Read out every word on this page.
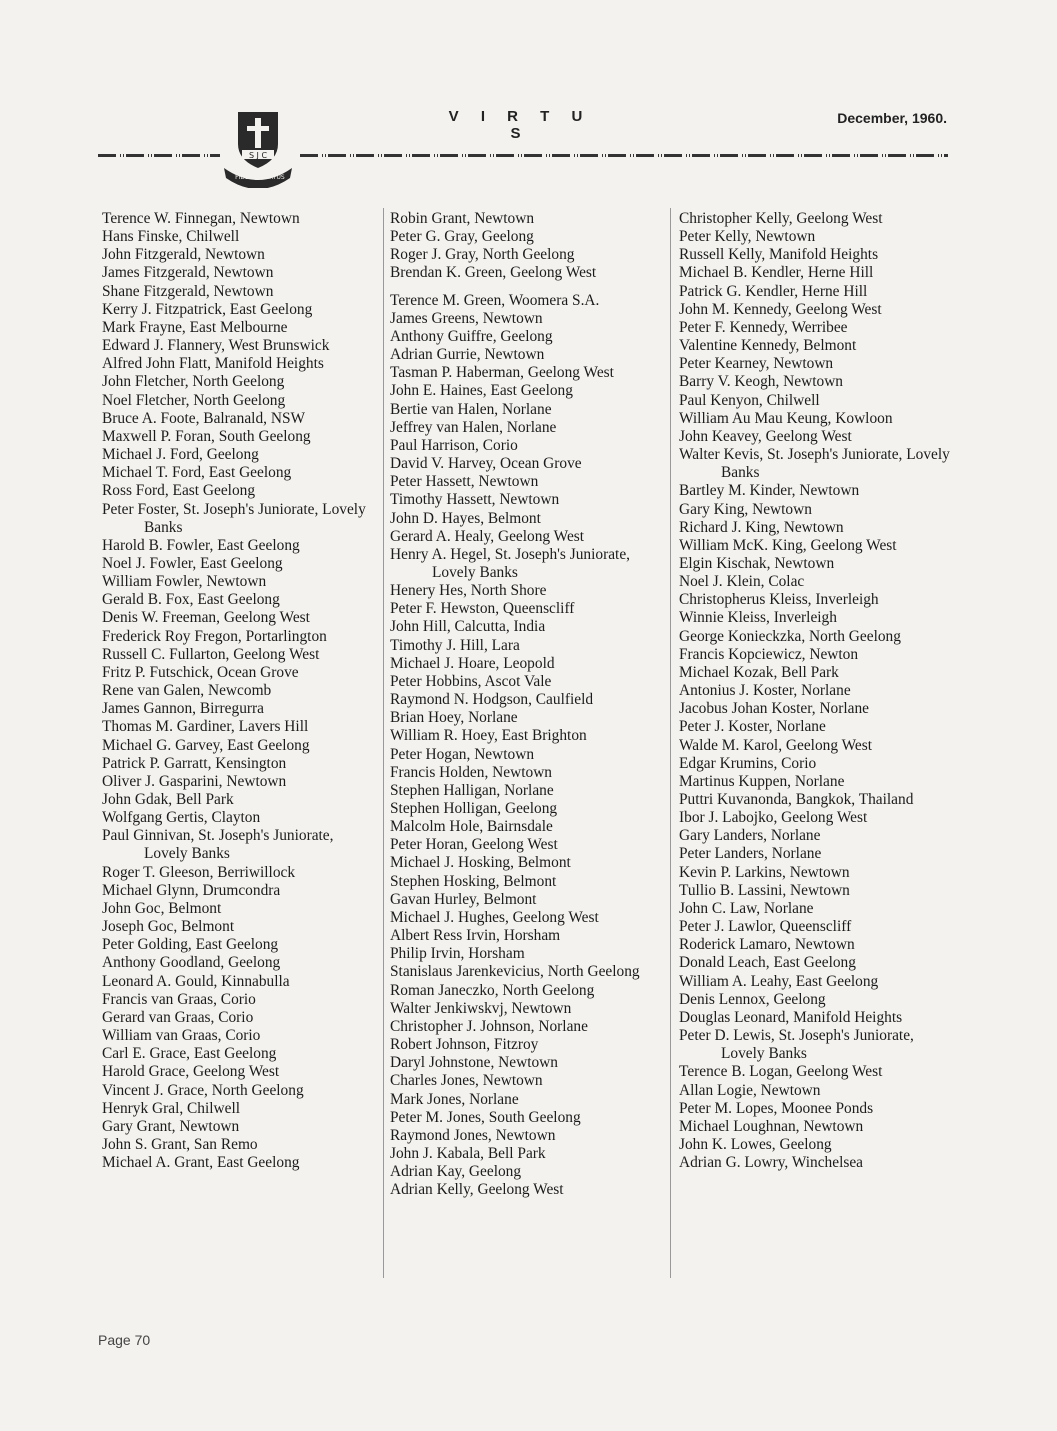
S J C
FIDE VIRTUS
V I R T U S
December, 1960.
Terence W. Finnegan, Newtown
Hans Finske, Chilwell
John Fitzgerald, Newtown
James Fitzgerald, Newtown
Shane Fitzgerald, Newtown
Kerry J. Fitzpatrick, East Geelong
Mark Frayne, East Melbourne
Edward J. Flannery, West Brunswick
Alfred John Flatt, Manifold Heights
John Fletcher, North Geelong
Noel Fletcher, North Geelong
Bruce A. Foote, Balranald, NSW
Maxwell P. Foran, South Geelong
Michael J. Ford, Geelong
Michael T. Ford, East Geelong
Ross Ford, East Geelong
Peter Foster, St. Joseph's Juniorate, Lovely Banks
Harold B. Fowler, East Geelong
Noel J. Fowler, East Geelong
William Fowler, Newtown
Gerald B. Fox, East Geelong
Denis W. Freeman, Geelong West
Frederick Roy Fregon, Portarlington
Russell C. Fullarton, Geelong West
Fritz P. Futschick, Ocean Grove
Rene van Galen, Newcomb
James Gannon, Birregurra
Thomas M. Gardiner, Lavers Hill
Michael G. Garvey, East Geelong
Patrick P. Garratt, Kensington
Oliver J. Gasparini, Newtown
John Gdak, Bell Park
Wolfgang Gertis, Clayton
Paul Ginnivan, St. Joseph's Juniorate, Lovely Banks
Roger T. Gleeson, Berriwillock
Michael Glynn, Drumcondra
John Goc, Belmont
Joseph Goc, Belmont
Peter Golding, East Geelong
Anthony Goodland, Geelong
Leonard A. Gould, Kinnabulla
Francis van Graas, Corio
Gerard van Graas, Corio
William van Graas, Corio
Carl E. Grace, East Geelong
Harold Grace, Geelong West
Vincent J. Grace, North Geelong
Henryk Gral, Chilwell
Gary Grant, Newtown
John S. Grant, San Remo
Michael A. Grant, East Geelong
Robin Grant, Newtown
Peter G. Gray, Geelong
Roger J. Gray, North Geelong
Brendan K. Green, Geelong West
Terence M. Green, Woomera S.A.
James Greens, Newtown
Anthony Guiffre, Geelong
Adrian Gurrie, Newtown
Tasman P. Haberman, Geelong West
John E. Haines, East Geelong
Bertie van Halen, Norlane
Jeffrey van Halen, Norlane
Paul Harrison, Corio
David V. Harvey, Ocean Grove
Peter Hassett, Newtown
Timothy Hassett, Newtown
John D. Hayes, Belmont
Gerard A. Healy, Geelong West
Henry A. Hegel, St. Joseph's Juniorate, Lovely Banks
Henery Hes, North Shore
Peter F. Hewston, Queenscliff
John Hill, Calcutta, India
Timothy J. Hill, Lara
Michael J. Hoare, Leopold
Peter Hobbins, Ascot Vale
Raymond N. Hodgson, Caulfield
Brian Hoey, Norlane
William R. Hoey, East Brighton
Peter Hogan, Newtown
Francis Holden, Newtown
Stephen Halligan, Norlane
Stephen Holligan, Geelong
Malcolm Hole, Bairnsdale
Peter Horan, Geelong West
Michael J. Hosking, Belmont
Stephen Hosking, Belmont
Gavan Hurley, Belmont
Michael J. Hughes, Geelong West
Albert Ress Irvin, Horsham
Philip Irvin, Horsham
Stanislaus Jarenkevicius, North Geelong
Roman Janeczko, North Geelong
Walter Jenkiwskvj, Newtown
Christopher J. Johnson, Norlane
Robert Johnson, Fitzroy
Daryl Johnstone, Newtown
Charles Jones, Newtown
Mark Jones, Norlane
Peter M. Jones, South Geelong
Raymond Jones, Newtown
John J. Kabala, Bell Park
Adrian Kay, Geelong
Adrian Kelly, Geelong West
Christopher Kelly, Geelong West
Peter Kelly, Newtown
Russell Kelly, Manifold Heights
Michael B. Kendler, Herne Hill
Patrick G. Kendler, Herne Hill
John M. Kennedy, Geelong West
Peter F. Kennedy, Werribee
Valentine Kennedy, Belmont
Peter Kearney, Newtown
Barry V. Keogh, Newtown
Paul Kenyon, Chilwell
William Au Mau Keung, Kowloon
John Keavey, Geelong West
Walter Kevis, St. Joseph's Juniorate, Lovely Banks
Bartley M. Kinder, Newtown
Gary King, Newtown
Richard J. King, Newtown
William McK. King, Geelong West
Elgin Kischak, Newtown
Noel J. Klein, Colac
Christopherus Kleiss, Inverleigh
Winnie Kleiss, Inverleigh
George Konieckzka, North Geelong
Francis Kopciewicz, Newton
Michael Kozak, Bell Park
Antonius J. Koster, Norlane
Jacobus Johan Koster, Norlane
Peter J. Koster, Norlane
Walde M. Karol, Geelong West
Edgar Krumins, Corio
Martinus Kuppen, Norlane
Puttri Kuvanonda, Bangkok, Thailand
Ibor J. Labojko, Geelong West
Gary Landers, Norlane
Peter Landers, Norlane
Kevin P. Larkins, Newtown
Tullio B. Lassini, Newtown
John C. Law, Norlane
Peter J. Lawlor, Queenscliff
Roderick Lamaro, Newtown
Donald Leach, East Geelong
William A. Leahy, East Geelong
Denis Lennox, Geelong
Douglas Leonard, Manifold Heights
Peter D. Lewis, St. Joseph's Juniorate, Lovely Banks
Terence B. Logan, Geelong West
Allan Logie, Newtown
Peter M. Lopes, Moonee Ponds
Michael Loughnan, Newtown
John K. Lowes, Geelong
Adrian G. Lowry, Winchelsea
Page 70
